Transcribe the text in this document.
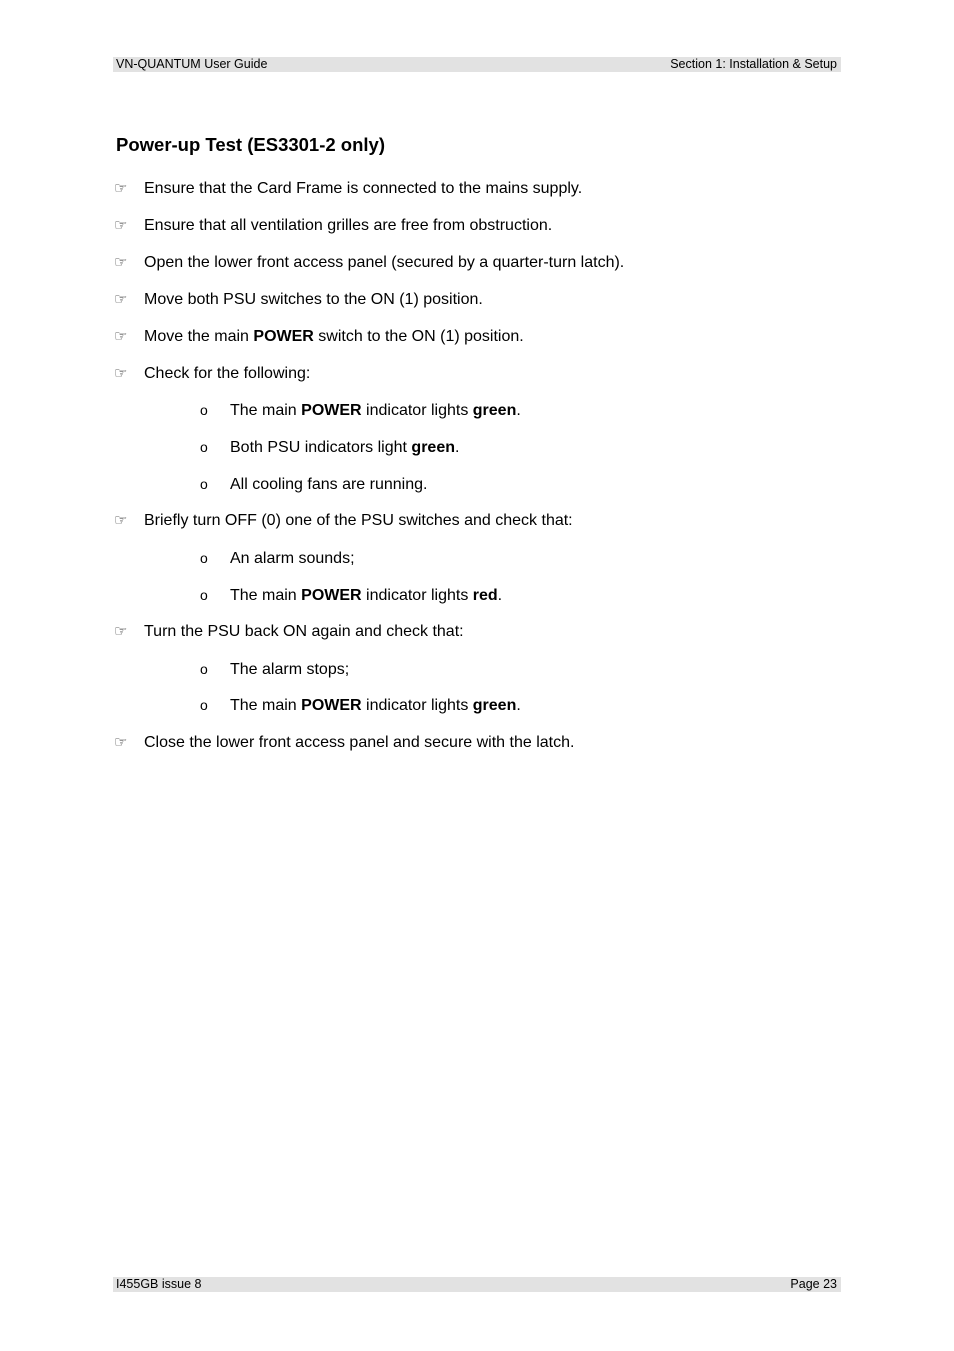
VN-QUANTUM User Guide	Section 1: Installation & Setup
Power-up Test (ES3301-2 only)
☞ Ensure that the Card Frame is connected to the mains supply.
☞ Ensure that all ventilation grilles are free from obstruction.
☞ Open the lower front access panel (secured by a quarter-turn latch).
☞ Move both PSU switches to the ON (1) position.
☞ Move the main POWER switch to the ON (1) position.
☞ Check for the following:
o The main POWER indicator lights green.
o Both PSU indicators light green.
o All cooling fans are running.
☞ Briefly turn OFF (0) one of the PSU switches and check that:
o An alarm sounds;
o The main POWER indicator lights red.
☞ Turn the PSU back ON again and check that:
o The alarm stops;
o The main POWER indicator lights green.
☞ Close the lower front access panel and secure with the latch.
I455GB issue 8	Page 23
